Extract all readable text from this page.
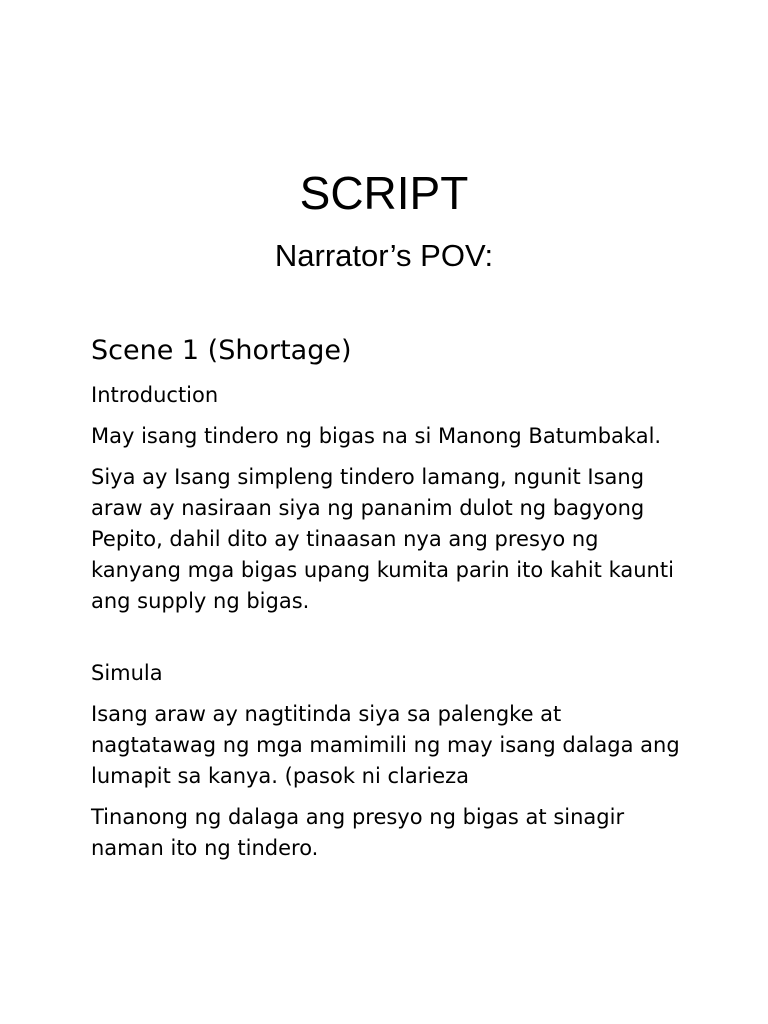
SCRIPT
Narrator’s POV:
Scene 1 (Shortage)

Introduction

May isang tindero ng bigas na si Manong Batumbakal.

Siya ay Isang simpleng tindero lamang, ngunit Isang araw ay nasiraan siya ng pananim dulot ng bagyong Pepito, dahil dito ay tinaasan nya ang presyo ng kanyang mga bigas upang kumita parin ito kahit kaunti ang supply ng bigas.

Simula

Isang araw ay nagtitinda siya sa palengke at nagtatawag ng mga mamimili ng may isang dalaga ang lumapit sa kanya. (pasok ni clarieza

Tinanong ng dalaga ang presyo ng bigas at sinagir naman ito ng tindero.
